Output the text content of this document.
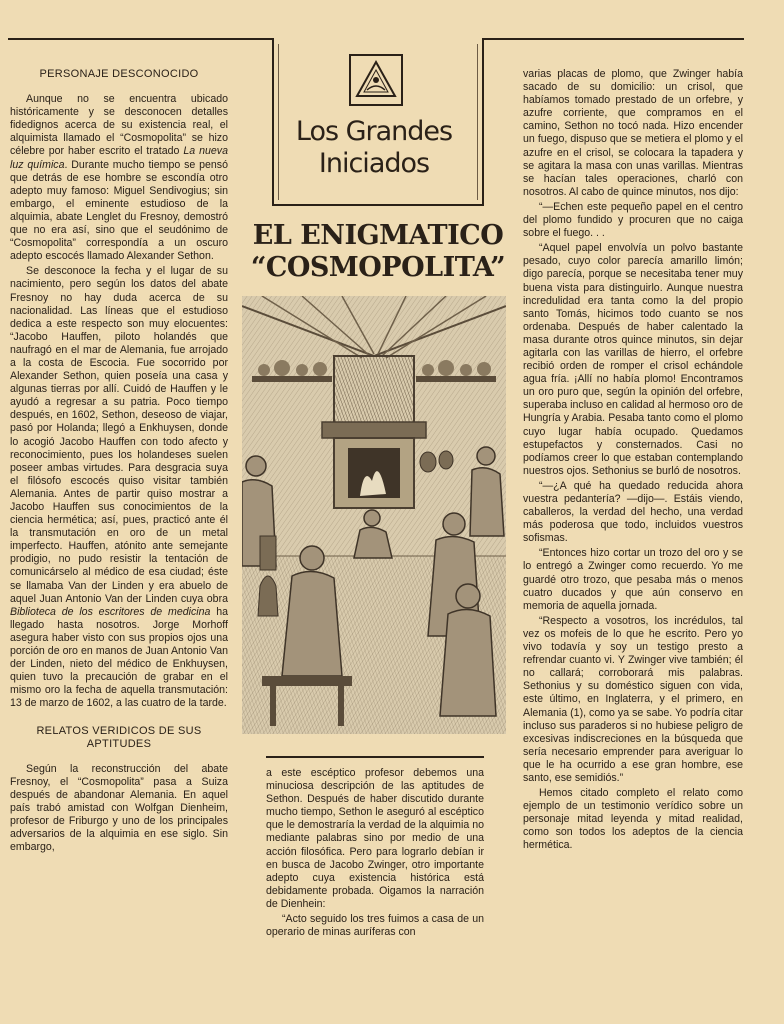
Los Grandes
Iniciados
EL ENIGMATICO
“COSMOPOLITA”

PERSONAJE DESCONOCIDO

Aunque no se encuentra ubicado históricamente y se desconocen detalles fidedignos acerca de su existencia real, el alquimista llamado el “Cosmopolita” se hizo célebre por haber escrito el tratado La nueva luz química. Durante mucho tiempo se pensó que detrás de ese hombre se escondía otro adepto muy famoso: Miguel Sendivogius; sin embargo, el eminente estudioso de la alquimia, abate Lenglet du Fresnoy, demostró que no era así, sino que el seudónimo de “Cosmopolita” correspondía a un oscuro adepto escocés llamado Alexander Sethon.

Se desconoce la fecha y el lugar de su nacimiento, pero según los datos del abate Fresnoy no hay duda acerca de su nacionalidad. Las líneas que el estudioso dedica a este respecto son muy elocuentes: “Jacobo Hauffen, piloto holandés que naufragó en el mar de Alemania, fue arrojado a la costa de Escocia. Fue socorrido por Alexander Sethon, quien poseía una casa y algunas tierras por allí. Cuidó de Hauffen y le ayudó a regresar a su patria. Poco tiempo después, en 1602, Sethon, deseoso de viajar, pasó por Holanda; llegó a Enkhuysen, donde lo acogió Jacobo Hauffen con todo afecto y reconocimiento, pues los holandeses suelen poseer ambas virtudes. Para desgracia suya el filósofo escocés quiso visitar también Alemania. Antes de partir quiso mostrar a Jacobo Hauffen sus conocimientos de la ciencia hermética; así, pues, practicó ante él la transmutación en oro de un metal imperfecto. Hauffen, atónito ante semejante prodigio, no pudo resistir la tentación de comunicárselo al médico de esa ciudad; éste se llamaba Van der Linden y era abuelo de aquel Juan Antonio Van der Linden cuya obra Biblioteca de los escritores de medicina ha llegado hasta nosotros. Jorge Morhoff asegura haber visto con sus propios ojos una porción de oro en manos de Juan Antonio Van der Linden, nieto del médico de Enkhuysen, quien tuvo la precaución de grabar en el mismo oro la fecha de aquella transmutación: 13 de marzo de 1602, a las cuatro de la tarde.

RELATOS VERIDICOS DE SUS APTITUDES

Según la reconstrucción del abate Fresnoy, el “Cosmopolita” pasa a Suiza después de abandonar Alemania. En aquel país trabó amistad con Wolfgan Dienheim, profesor de Friburgo y uno de los principales adversarios de la alquimia en ese siglo. Sin embargo,

a este escéptico profesor debemos una minuciosa descripción de las aptitudes de Sethon. Después de haber discutido durante mucho tiempo, Sethon le aseguró al escéptico que le demostraría la verdad de la alquimia no mediante palabras sino por medio de una acción filosófica. Pero para lograrlo debían ir en busca de Jacobo Zwinger, otro importante adepto cuya existencia histórica está debidamente probada. Oigamos la narración de Dienhein:

“Acto seguido los tres fuimos a casa de un operario de minas auríferas con

varias placas de plomo, que Zwinger había sacado de su domicilio: un crisol, que habíamos tomado prestado de un orfebre, y azufre corriente, que compramos en el camino, Sethon no tocó nada. Hizo encender un fuego, dispuso que se metiera el plomo y el azufre en el crisol, se colocara la tapadera y se agitara la masa con unas varillas. Mientras se hacían tales operaciones, charló con nosotros. Al cabo de quince minutos, nos dijo:

“—Echen este pequeño papel en el centro del plomo fundido y procuren que no caiga sobre el fuego. . .

“Aquel papel envolvía un polvo bastante pesado, cuyo color parecía amarillo limón; digo parecía, porque se necesitaba tener muy buena vista para distinguirlo. Aunque nuestra incredulidad era tanta como la del propio santo Tomás, hicimos todo cuanto se nos ordenaba. Después de haber calentado la masa durante otros quince minutos, sin dejar agitarla con las varillas de hierro, el orfebre recibió orden de romper el crisol echándole agua fría. ¡Allí no había plomo! Encontramos un oro puro que, según la opinión del orfebre, superaba incluso en calidad al hermoso oro de Hungría y Arabia. Pesaba tanto como el plomo cuyo lugar había ocupado. Quedamos estupefactos y consternados. Casi no podíamos creer lo que estaban contemplando nuestros ojos. Sethonius se burló de nosotros.

“—¿A qué ha quedado reducida ahora vuestra pedantería? —dijo—. Estáis viendo, caballeros, la verdad del hecho, una verdad más poderosa que todo, incluidos vuestros sofismas.

“Entonces hizo cortar un trozo del oro y se lo entregó a Zwinger como recuerdo. Yo me guardé otro trozo, que pesaba más o menos cuatro ducados y que aún conservo en memoria de aquella jornada.

“Respecto a vosotros, los incrédulos, tal vez os mofeis de lo que he escrito. Pero yo vivo todavía y soy un testigo presto a refrendar cuanto vi. Y Zwinger vive también; él no callará; corroborará mis palabras. Sethonius y su doméstico siguen con vida, este último, en Inglaterra, y el primero, en Alemania (1), como ya se sabe. Yo podría citar incluso sus paraderos si no hubiese peligro de excesivas indiscreciones en la búsqueda que sería necesario emprender para averiguar lo que le ha ocurrido a ese gran hombre, ese santo, ese semidiós.”

Hemos citado completo el relato como ejemplo de un testimonio verídico sobre un personaje mitad leyenda y mitad realidad, como son todos los adeptos de la ciencia hermética.
